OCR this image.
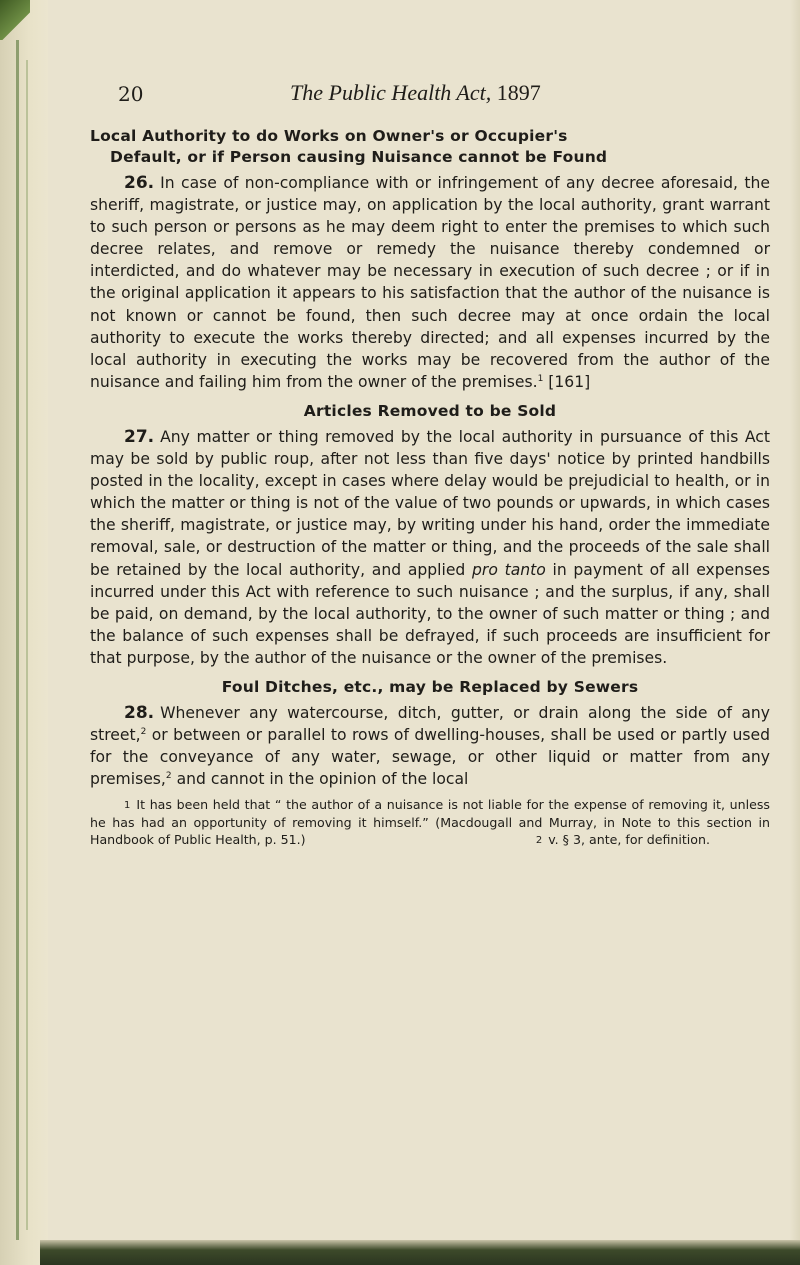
20	The Public Health Act, 1897

Local Authority to do Works on Owner's or Occupier's
Default, or if Person causing Nuisance cannot be Found

26. In case of non-compliance with or infringement of any decree aforesaid, the sheriff, magistrate, or justice may, on application by the local authority, grant warrant to such person or persons as he may deem right to enter the premises to which such decree relates, and remove or remedy the nuisance thereby condemned or interdicted, and do whatever may be necessary in execution of such decree ; or if in the original application it appears to his satisfaction that the author of the nuisance is not known or cannot be found, then such decree may at once ordain the local authority to execute the works thereby directed; and all expenses incurred by the local authority in executing the works may be recovered from the author of the nuisance and failing him from the owner of the premises.$^1$ [161]

Articles Removed to be Sold

27. Any matter or thing removed by the local authority in pursuance of this Act may be sold by public roup, after not less than five days' notice by printed handbills posted in the locality, except in cases where delay would be prejudicial to health, or in which the matter or thing is not of the value of two pounds or upwards, in which cases the sheriff, magistrate, or justice may, by writing under his hand, order the immediate removal, sale, or destruction of the matter or thing, and the proceeds of the sale shall be retained by the local authority, and applied pro tanto in payment of all expenses incurred under this Act with reference to such nuisance ; and the surplus, if any, shall be paid, on demand, by the local authority, to the owner of such matter or thing ; and the balance of such expenses shall be defrayed, if such proceeds are insufficient for that purpose, by the author of the nuisance or the owner of the premises.

Foul Ditches, etc., may be Replaced by Sewers

28. Whenever any watercourse, ditch, gutter, or drain along the side of any street,$^2$ or between or parallel to rows of dwelling-houses, shall be used or partly used for the conveyance of any water, sewage, or other liquid or matter from any premises,$^2$ and cannot in the opinion of the local

1 It has been held that “ the author of a nuisance is not liable for the expense of removing it, unless he has had an opportunity of removing it himself.” (Macdougall and Murray, in Note to this section in Handbook of Public Health, p. 51.)	2 v. § 3, ante, for definition.
